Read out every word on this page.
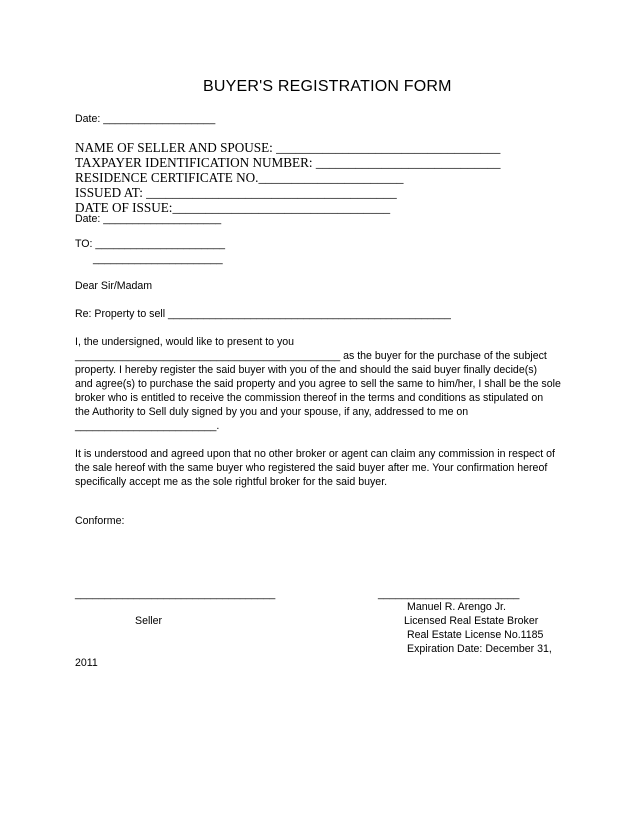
BUYER'S REGISTRATION FORM
Date: ___________________
NAME OF SELLER AND SPOUSE: __________________________________
TAXPAYER IDENTIFICATION NUMBER: ____________________________
RESIDENCE CERTIFICATE NO.______________________
ISSUED AT: ______________________________________
DATE OF ISSUE:_________________________________
Date: ____________________
TO: ______________________
______________________
Dear Sir/Madam
Re: Property to sell ________________________________________________
I, the undersigned, would like to present to you
_____________________________________________ as the buyer for the purchase of the subject
property. I hereby register the said buyer with you of the and should the said buyer finally decide(s)
and agree(s) to purchase the said property and you agree to sell the same to him/her, I shall be the sole
broker who is entitled to receive the commission thereof in the terms and conditions as stipulated on
the Authority to Sell duly signed by you and your spouse, if any, addressed to me on
________________________.
It is understood and agreed upon that no other broker or agent can claim any commission in respect of
the sale hereof with the same buyer who registered the said buyer after me. Your confirmation hereof
specifically accept me as the sole rightful broker for the said buyer.
Conforme:
__________________________________	________________________
Manuel R. Arengo Jr.
Seller	Licensed Real Estate Broker
Real Estate License No.1185
Expiration Date: December 31,
2011
